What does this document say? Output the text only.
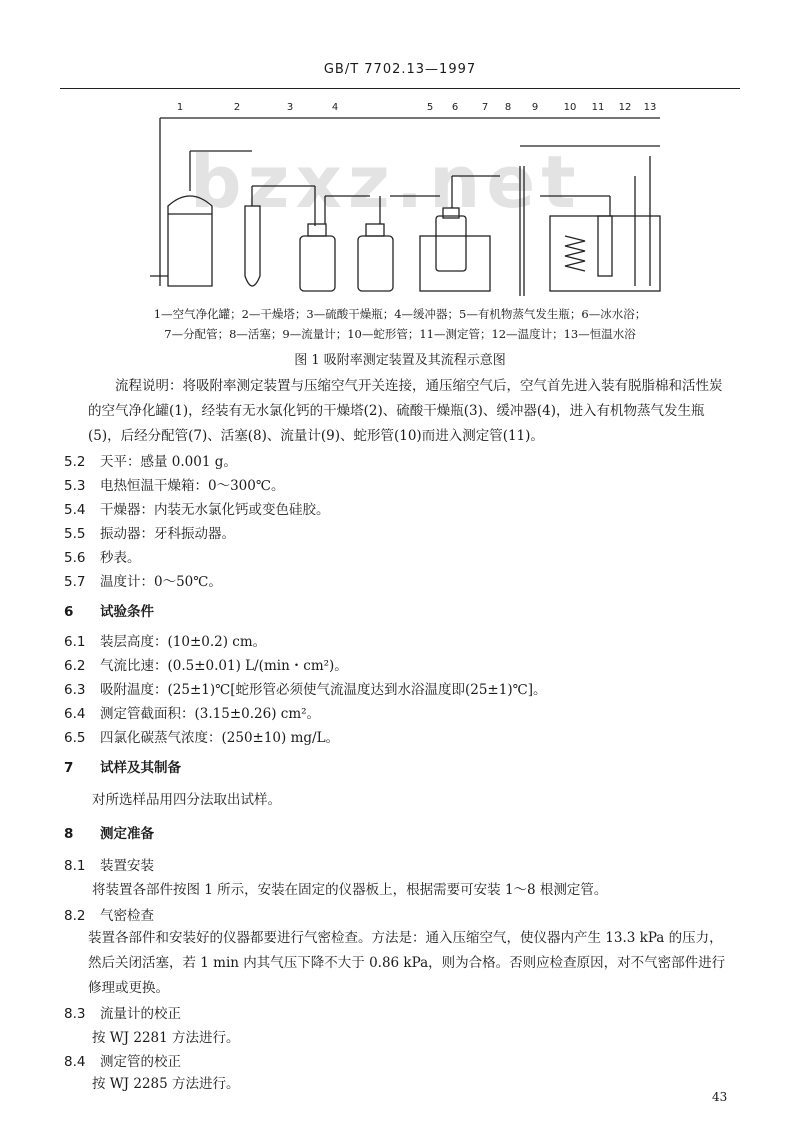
GB/T 7702.13—1997
bzxz.net
1	2	3	4	5 6 7 8 9	10 11 12 13
1—空气净化罐；2—干燥塔；3—硫酸干燥瓶；4—缓冲器；5—有机物蒸气发生瓶；6—冰水浴；
7—分配管；8—活塞；9—流量计；10—蛇形管；11—测定管；12—温度计；13—恒温水浴
图 1 吸附率测定装置及其流程示意图
流程说明：将吸附率测定装置与压缩空气开关连接，通压缩空气后，空气首先进入装有脱脂棉和活性炭的空气净化罐(1)，经装有无水氯化钙的干燥塔(2)、硫酸干燥瓶(3)、缓冲器(4)，进入有机物蒸气发生瓶(5)，后经分配管(7)、活塞(8)、流量计(9)、蛇形管(10)而进入测定管(11)。
5.2 天平：感量 0.001 g。
5.3 电热恒温干燥箱：0～300℃。
5.4 干燥器：内装无水氯化钙或变色硅胶。
5.5 振动器：牙科振动器。
5.6 秒表。
5.7 温度计：0～50℃。
6 试验条件
6.1 装层高度：(10±0.2) cm。
6.2 气流比速：(0.5±0.01) L/(min・cm²)。
6.3 吸附温度：(25±1)℃[蛇形管必须使气流温度达到水浴温度即(25±1)℃]。
6.4 测定管截面积：(3.15±0.26) cm²。
6.5 四氯化碳蒸气浓度：(250±10) mg/L。
7 试样及其制备
对所选样品用四分法取出试样。
8 测定准备
8.1 装置安装
将装置各部件按图 1 所示，安装在固定的仪器板上，根据需要可安装 1～8 根测定管。
8.2 气密检查
装置各部件和安装好的仪器都要进行气密检查。方法是：通入压缩空气，使仪器内产生 13.3 kPa 的压力，然后关闭活塞，若 1 min 内其气压下降不大于 0.86 kPa，则为合格。否则应检查原因，对不气密部件进行修理或更换。
8.3 流量计的校正
按 WJ 2281 方法进行。
8.4 测定管的校正
按 WJ 2285 方法进行。
43
